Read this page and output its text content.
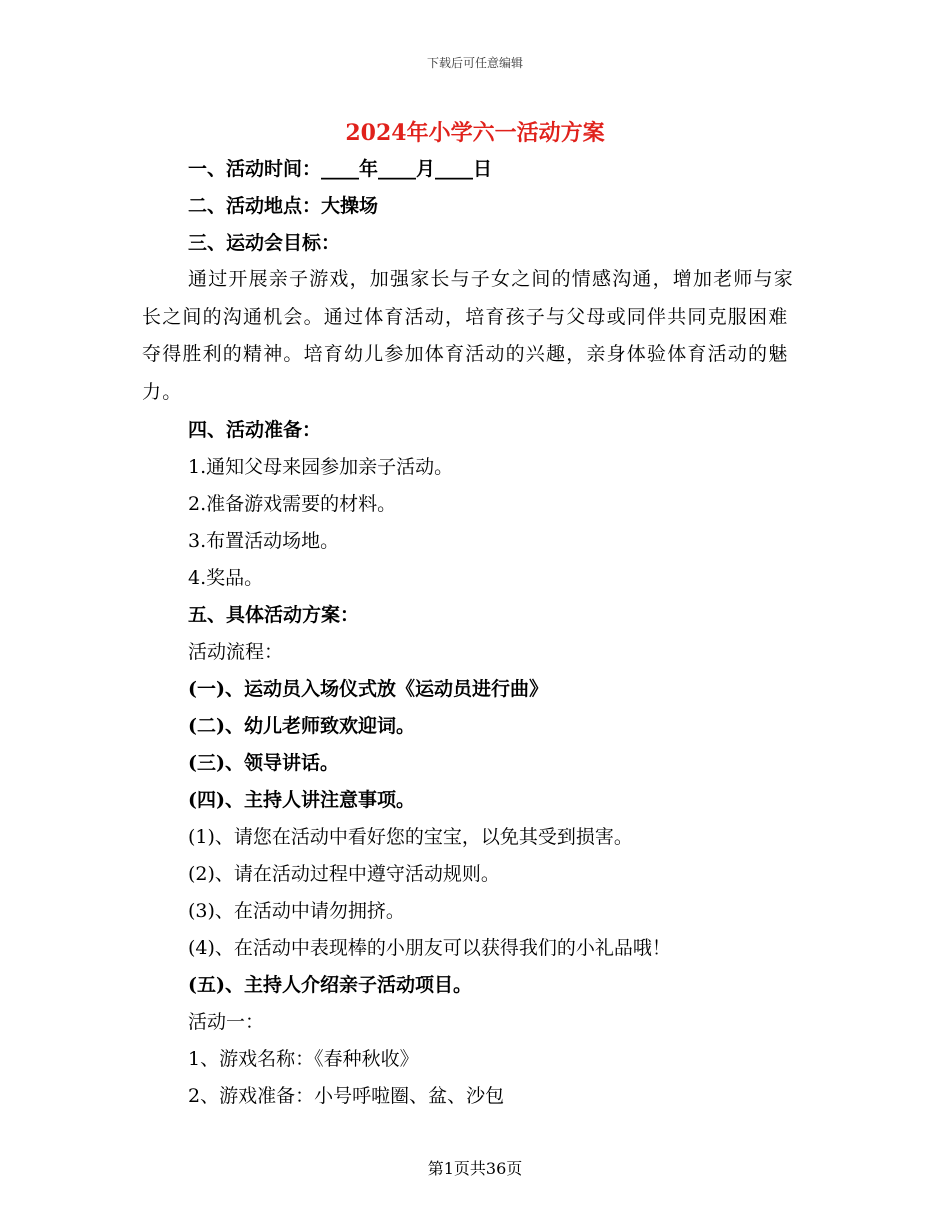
下载后可任意编辑
2024年小学六一活动方案
一、活动时间：____年____月____日
二、活动地点：大操场
三、运动会目标：
通过开展亲子游戏，加强家长与子女之间的情感沟通，增加老师与家长之间的沟通机会。通过体育活动，培育孩子与父母或同伴共同克服困难夺得胜利的精神。培育幼儿参加体育活动的兴趣，亲身体验体育活动的魅力。
四、活动准备：
1.通知父母来园参加亲子活动。
2.准备游戏需要的材料。
3.布置活动场地。
4.奖品。
五、具体活动方案：
活动流程：
(一)、运动员入场仪式放《运动员进行曲》
(二)、幼儿老师致欢迎词。
(三)、领导讲话。
(四)、主持人讲注意事项。
(1)、请您在活动中看好您的宝宝，以免其受到损害。
(2)、请在活动过程中遵守活动规则。
(3)、在活动中请勿拥挤。
(4)、在活动中表现棒的小朋友可以获得我们的小礼品哦！
(五)、主持人介绍亲子活动项目。
活动一：
1、游戏名称：《春种秋收》
2、游戏准备：小号呼啦圈、盆、沙包
第1页共36页
